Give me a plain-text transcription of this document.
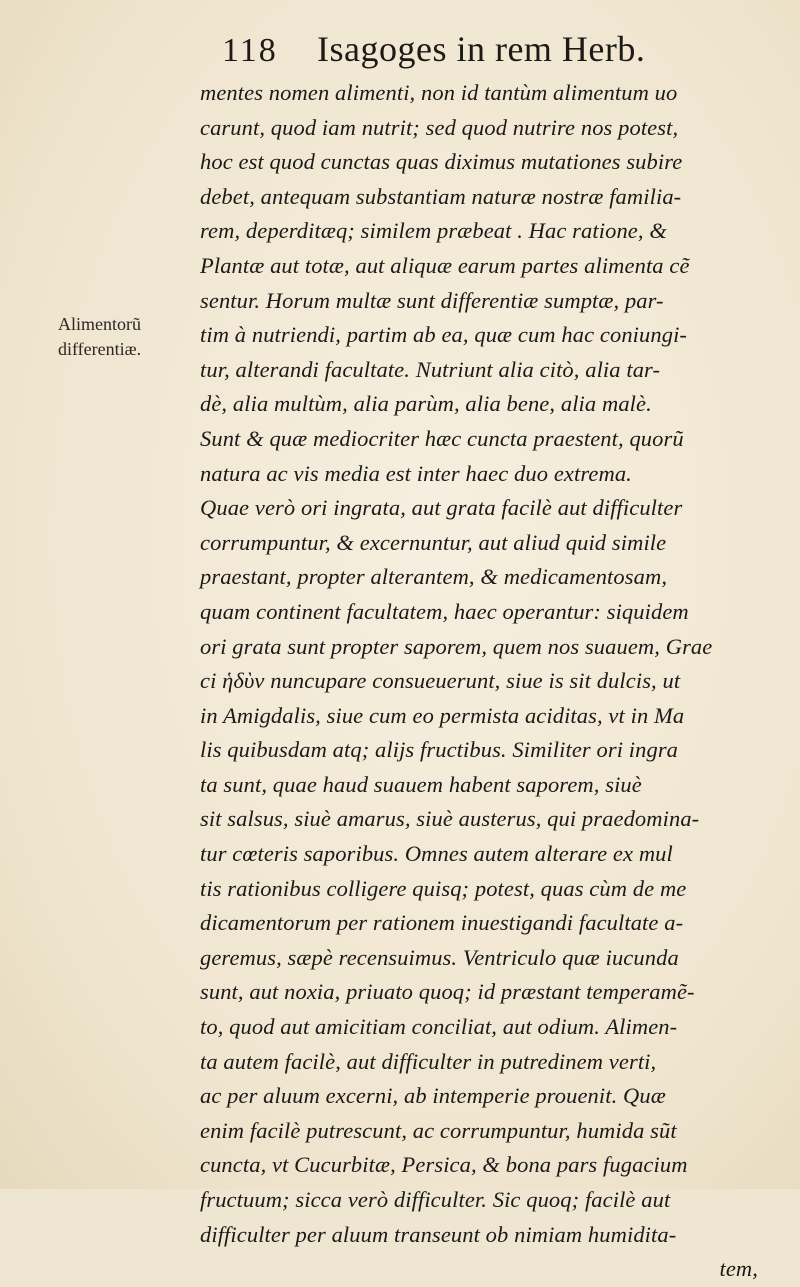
118	Isagoges in rem Herb.
Alimentorũ
differentiæ.
mentes nomen alimenti, non id tantùm alimentum uo
carunt, quod iam nutrit; sed quod nutrire nos potest,
hoc est quod cunctas quas diximus mutationes subire
debet, antequam substantiam naturæ nostræ familia-
rem, deperditæq; similem præbeat . Hac ratione, &
Plantæ aut totæ, aut aliquæ earum partes alimenta cẽ
sentur. Horum multæ sunt differentiæ sumptæ, par-
tim à nutriendi, partim ab ea, quæ cum hac coniungi-
tur, alterandi facultate. Nutriunt alia citò, alia tar-
dè, alia multùm, alia parùm, alia bene, alia malè.
Sunt & quæ mediocriter hæc cuncta praestent, quorũ
natura ac vis media est inter haec duo extrema.
Quae verò ori ingrata, aut grata facilè aut difficulter
corrumpuntur, & excernuntur, aut aliud quid simile
praestant, propter alterantem, & medicamentosam,
quam continent facultatem, haec operantur: siquidem
ori grata sunt propter saporem, quem nos suauem, Grae
ci ἡδὺν nuncupare consueuerunt, siue is sit dulcis, ut
in Amigdalis, siue cum eo permista aciditas, vt in Ma
lis quibusdam atq; alijs fructibus. Similiter ori ingra
ta sunt, quae haud suauem habent saporem, siuè
sit salsus, siuè amarus, siuè austerus, qui praedomina-
tur cœteris saporibus. Omnes autem alterare ex mul
tis rationibus colligere quisq; potest, quas cùm de me
dicamentorum per rationem inuestigandi facultate a-
geremus, sæpè recensuimus. Ventriculo quæ iucunda
sunt, aut noxia, priuato quoq; id præstant temperamẽ-
to, quod aut amicitiam conciliat, aut odium. Alimen-
ta autem facilè, aut difficulter in putredinem verti,
ac per aluum excerni, ab intemperie prouenit. Quæ
enim facilè putrescunt, ac corrumpuntur, humida sũt
cuncta, vt Cucurbitæ, Persica, & bona pars fugacium
fructuum; sicca verò difficulter. Sic quoq; facilè aut
difficulter per aluum transeunt ob nimiam humidita-
tem,
